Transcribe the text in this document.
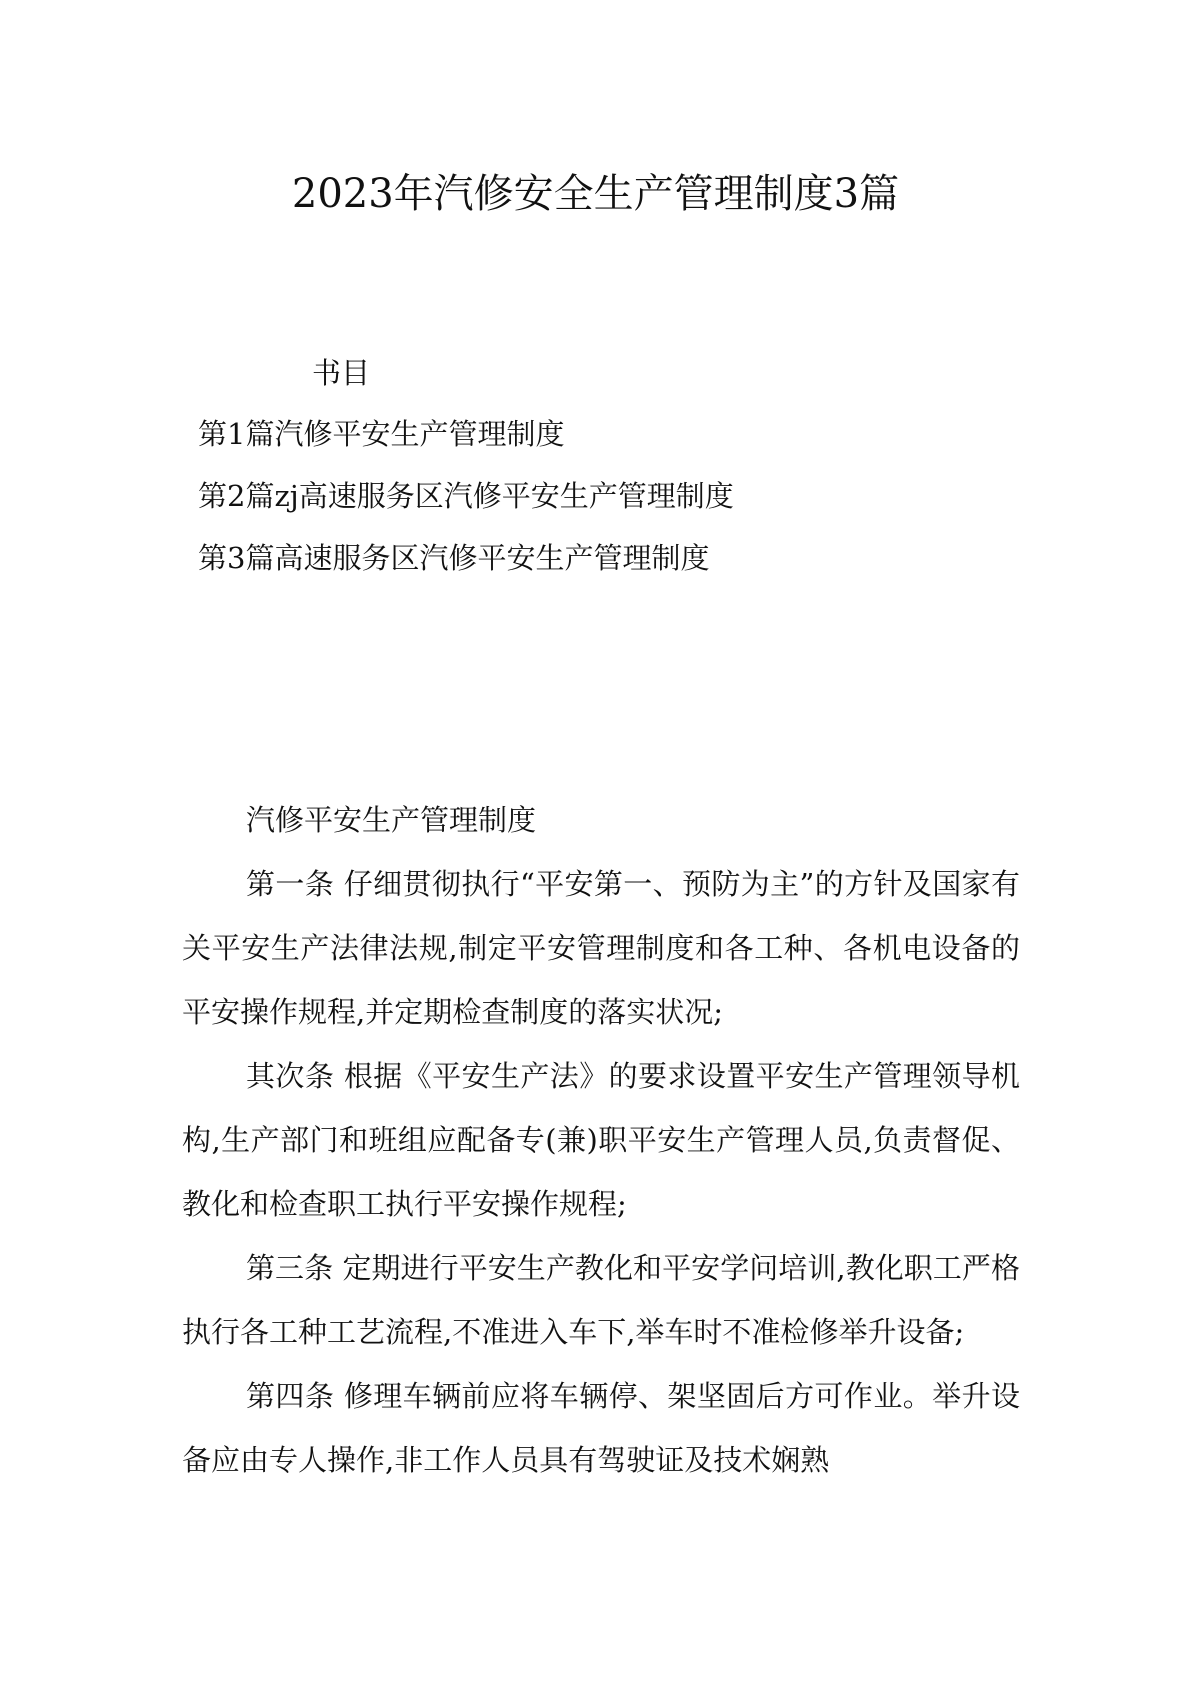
2023年汽修安全生产管理制度3篇
书目
第1篇汽修平安生产管理制度
第2篇zj高速服务区汽修平安生产管理制度
第3篇高速服务区汽修平安生产管理制度
汽修平安生产管理制度

第一条 仔细贯彻执行“平安第一、预防为主”的方针及国家有关平安生产法律法规,制定平安管理制度和各工种、各机电设备的平安操作规程,并定期检查制度的落实状况;

其次条 根据《平安生产法》的要求设置平安生产管理领导机构,生产部门和班组应配备专(兼)职平安生产管理人员,负责督促、教化和检查职工执行平安操作规程;

第三条 定期进行平安生产教化和平安学问培训,教化职工严格执行各工种工艺流程,不准进入车下,举车时不准检修举升设备;

第四条 修理车辆前应将车辆停、架坚固后方可作业。举升设备应由专人操作,非工作人员具有驾驶证及技术娴熟
